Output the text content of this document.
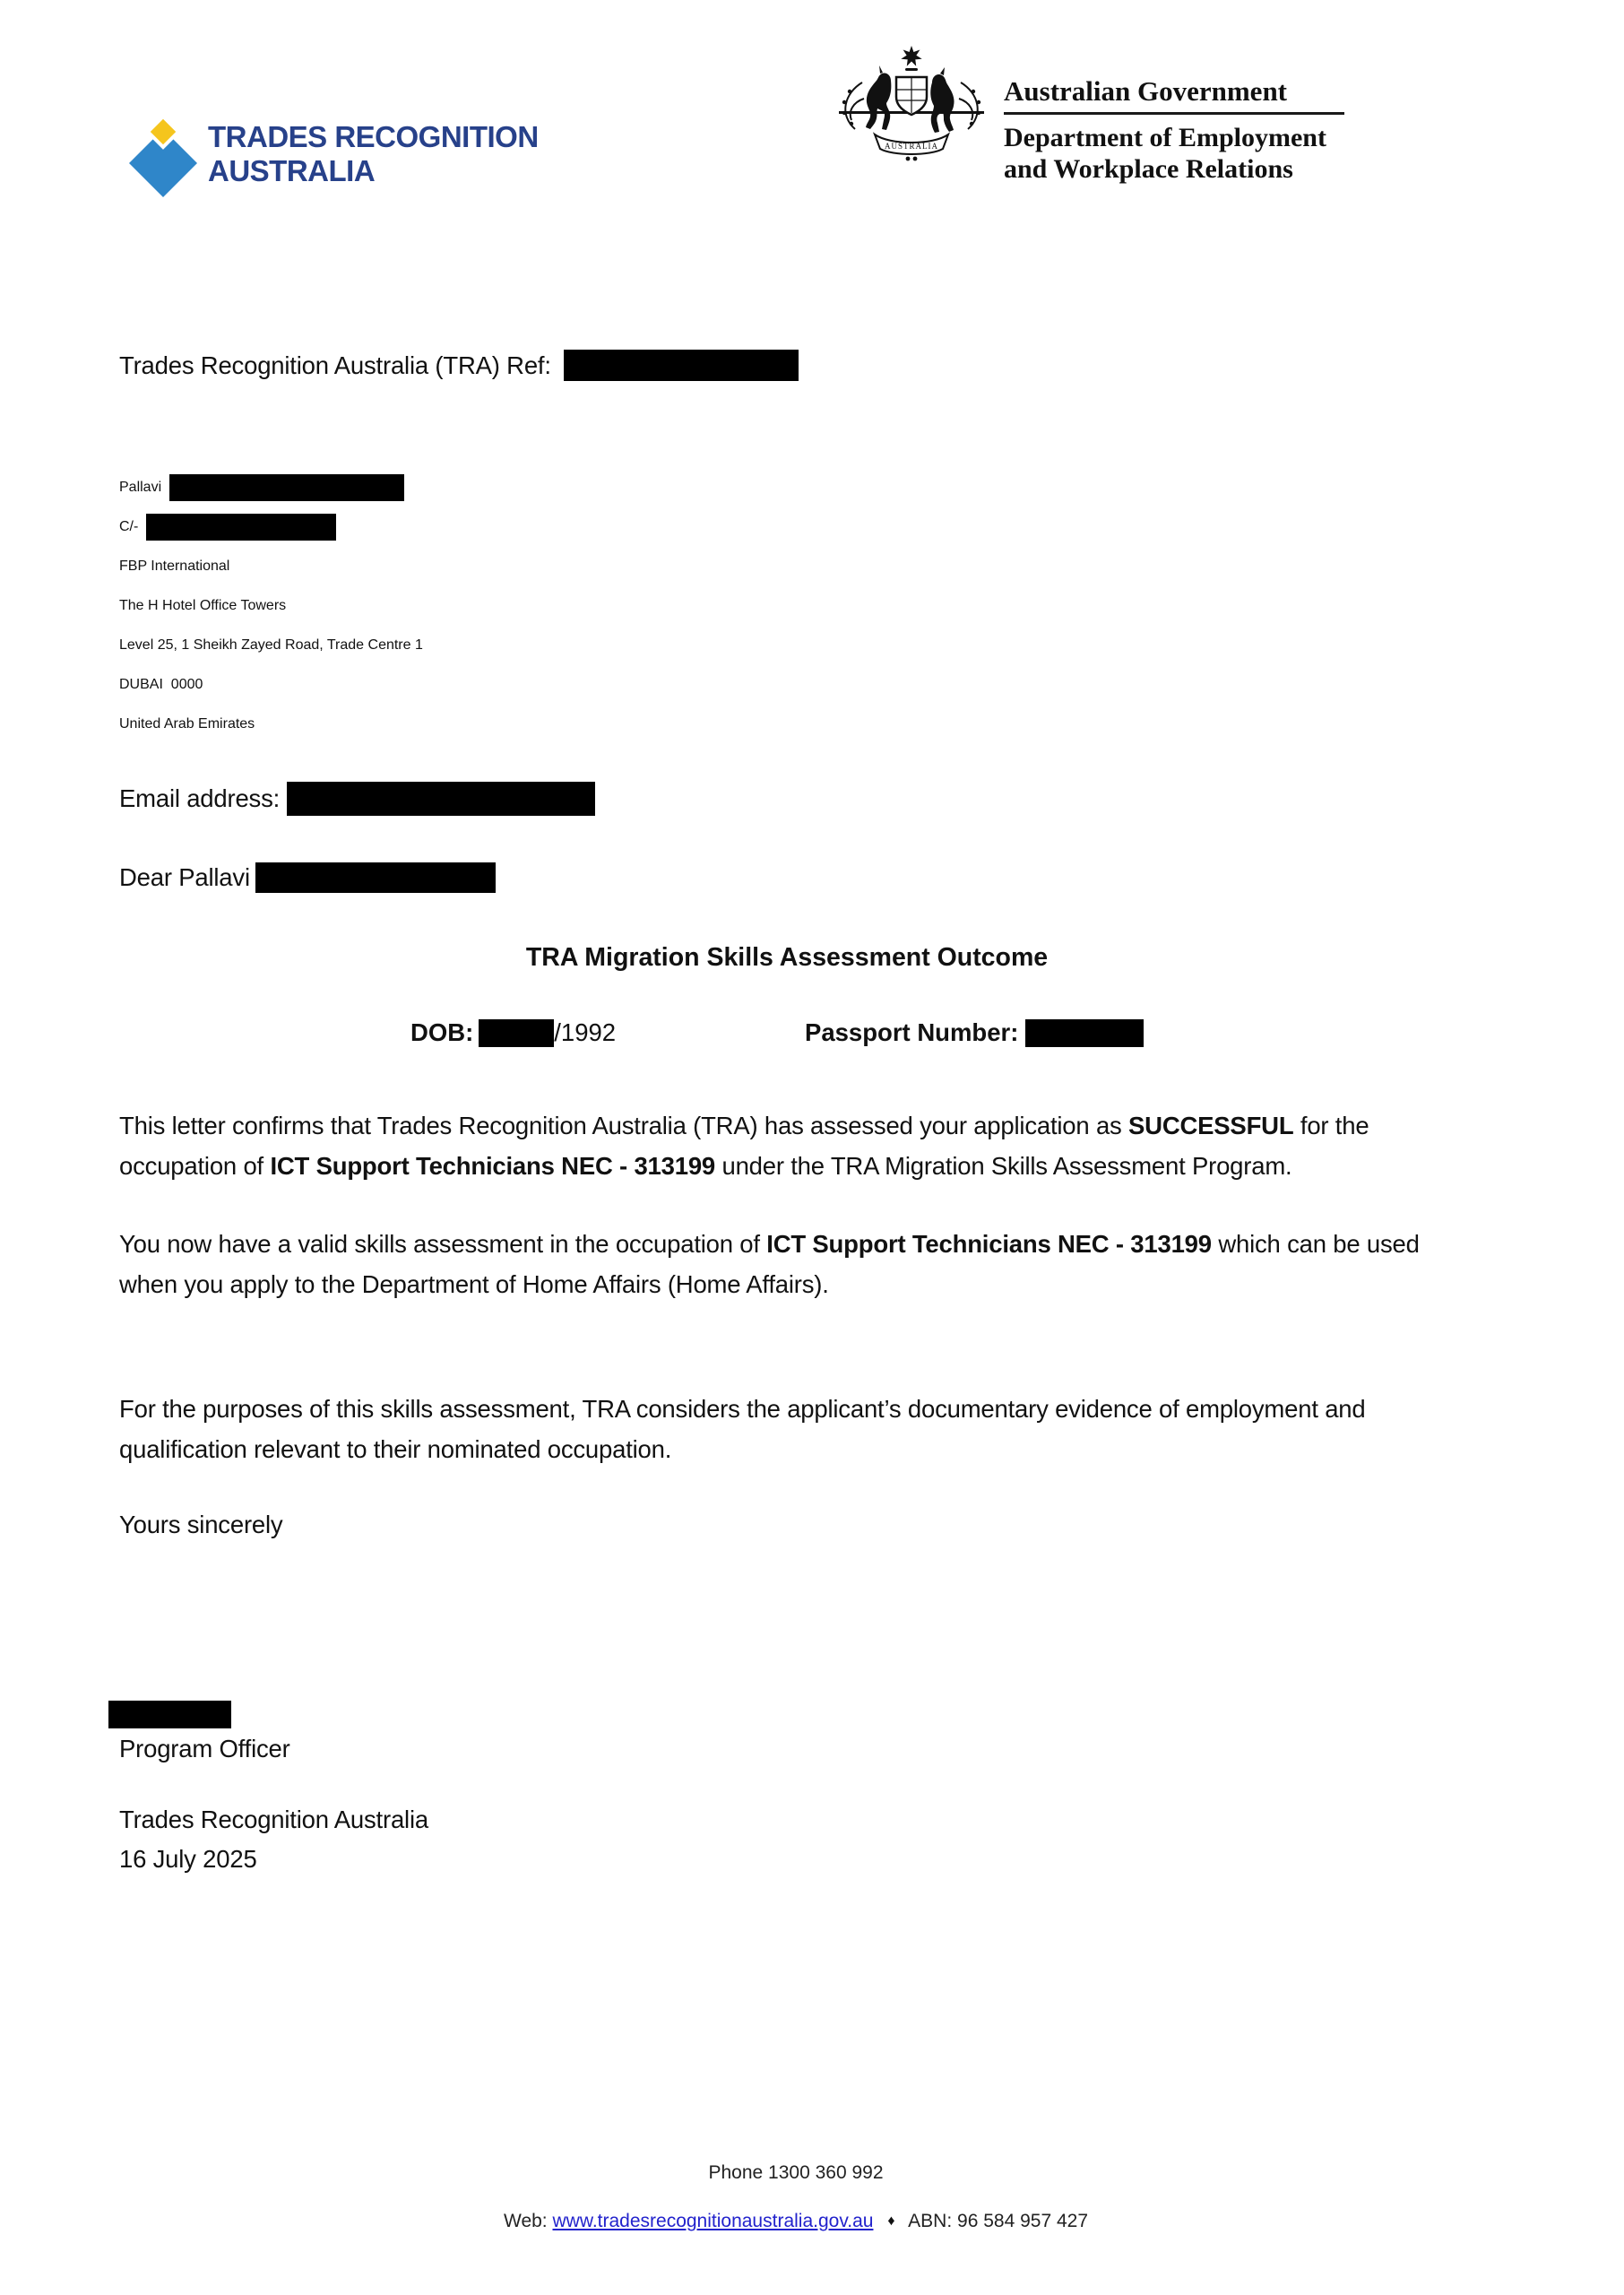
TRADES RECOGNITION
AUSTRALIA
AUSTRALIA
Australian Government
Department of Employment
and Workplace Relations
Trades Recognition Australia (TRA) Ref:
Pallavi
C/-
FBP International
The H Hotel Office Towers
Level 25, 1 Sheikh Zayed Road, Trade Centre 1
DUBAI  0000
United Arab Emirates
Email address:
Dear Pallavi
TRA Migration Skills Assessment Outcome
DOB:	/1992	Passport Number:
This letter confirms that Trades Recognition Australia (TRA) has assessed your application as SUCCESSFUL for the occupation of ICT Support Technicians NEC - 313199 under the TRA Migration Skills Assessment Program.
You now have a valid skills assessment in the occupation of ICT Support Technicians NEC - 313199 which can be used when you apply to the Department of Home Affairs (Home Affairs).
For the purposes of this skills assessment, TRA considers the applicant’s documentary evidence of employment and qualification relevant to their nominated occupation.
Yours sincerely
Program Officer
Trades Recognition Australia
16 July 2025
Phone 1300 360 992
Web: www.tradesrecognitionaustralia.gov.au ♦ ABN: 96 584 957 427
